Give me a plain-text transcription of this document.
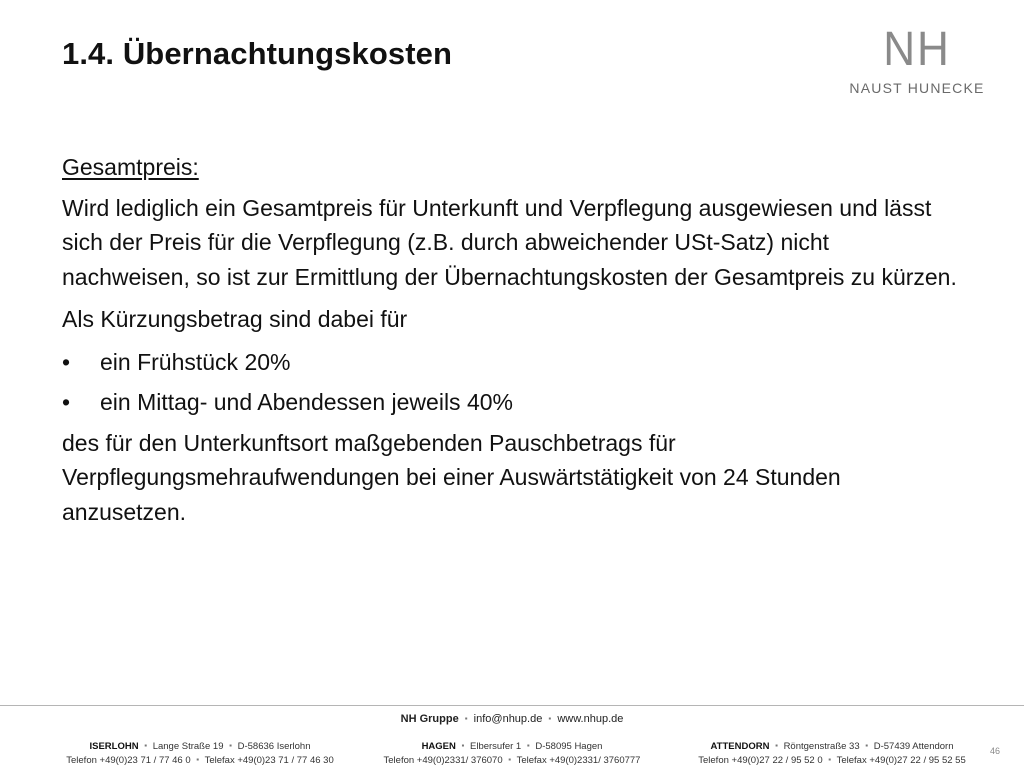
1.4. Übernachtungskosten	NH
NAUST HUNECKE

Gesamtpreis:

Wird lediglich ein Gesamtpreis für Unterkunft und Verpflegung ausgewiesen und lässt sich der Preis für die Verpflegung (z.B. durch abweichender USt-Satz) nicht nachweisen, so ist zur Ermittlung der Übernachtungskosten der Gesamtpreis zu kürzen.

Als Kürzungsbetrag sind dabei für

• ein Frühstück 20%
• ein Mittag- und Abendessen jeweils 40%

des für den Unterkunftsort maßgebenden Pauschbetrags für Verpflegungsmehraufwendungen bei einer Auswärtstätigkeit von 24 Stunden anzusetzen.

NH Gruppe ▪ info@nhup.de ▪ www.nhup.de
ISERLOHN ▪ Lange Straße 19 ▪ D-58636 Iserlohn
Telefon +49(0)23 71 / 77 46 0 ▪ Telefax +49(0)23 71 / 77 46 30
HAGEN ▪ Elbersufer 1 ▪ D-58095 Hagen
Telefon +49(0)2331/ 376070 ▪ Telefax +49(0)2331/ 3760777
ATTENDORN ▪ Röntgenstraße 33 ▪ D-57439 Attendorn
Telefon +49(0)27 22 / 95 52 0 ▪ Telefax +49(0)27 22 / 95 52 55
46
